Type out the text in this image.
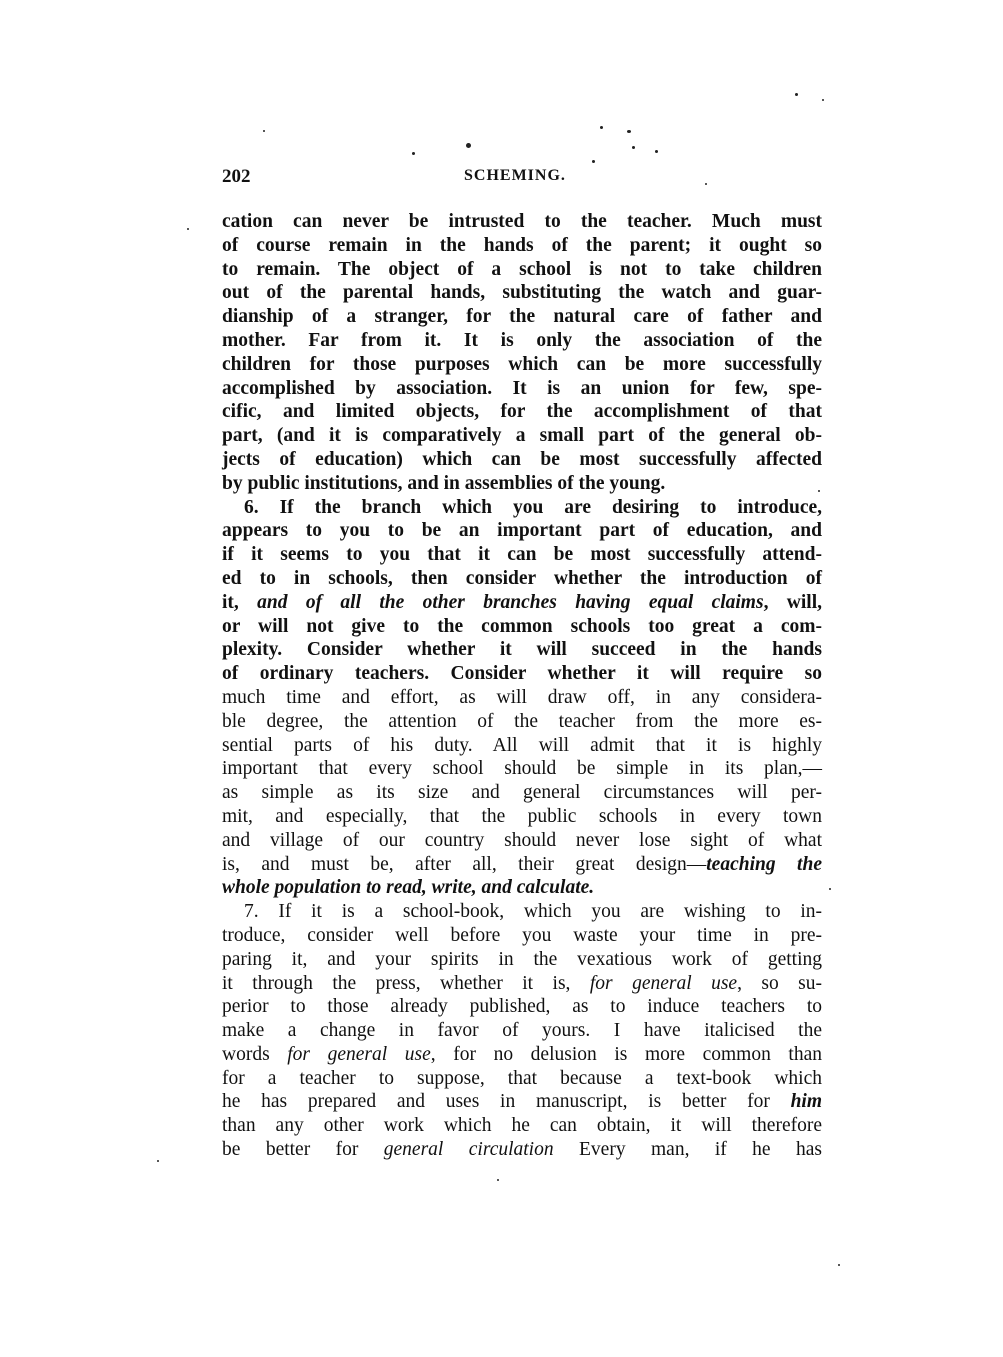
202	SCHEMING.
cation can never be intrusted to the teacher. Much must
of course remain in the hands of the parent; it ought so
to remain. The object of a school is not to take children
out of the parental hands, substituting the watch and guar-
dianship of a stranger, for the natural care of father and
mother. Far from it. It is only the association of the
children for those purposes which can be more successfully
accomplished by association. It is an union for few, spe-
cific, and limited objects, for the accomplishment of that
part, (and it is comparatively a small part of the general ob-
jects of education) which can be most successfully affected
by public institutions, and in assemblies of the young.
6. If the branch which you are desiring to introduce,
appears to you to be an important part of education, and
if it seems to you that it can be most successfully attend-
ed to in schools, then consider whether the introduction of
it, and of all the other branches having equal claims, will,
or will not give to the common schools too great a com-
plexity. Consider whether it will succeed in the hands
of ordinary teachers. Consider whether it will require so
much time and effort, as will draw off, in any considera-
ble degree, the attention of the teacher from the more es-
sential parts of his duty. All will admit that it is highly
important that every school should be simple in its plan,—
as simple as its size and general circumstances will per-
mit, and especially, that the public schools in every town
and village of our country should never lose sight of what
is, and must be, after all, their great design—teaching the
whole population to read, write, and calculate.
7. If it is a school-book, which you are wishing to in-
troduce, consider well before you waste your time in pre-
paring it, and your spirits in the vexatious work of getting
it through the press, whether it is, for general use, so su-
perior to those already published, as to induce teachers to
make a change in favor of yours. I have italicised the
words for general use, for no delusion is more common than
for a teacher to suppose, that because a text-book which
he has prepared and uses in manuscript, is better for him
than any other work which he can obtain, it will therefore
be better for general circulation Every man, if he has
